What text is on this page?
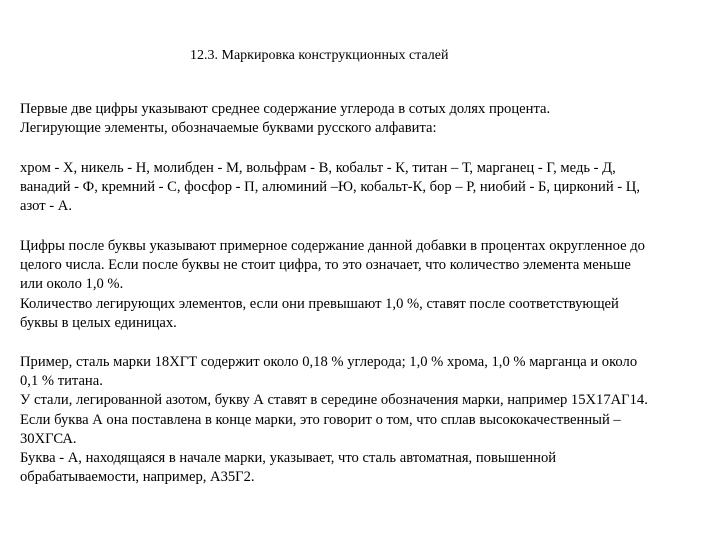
12.3. Маркировка конструкционных сталей

Первые две цифры указывают среднее содержание углерода в сотых долях процента.
Легирующие элементы, обозначаемые буквами русского алфавита:

хром - Х, никель - Н, молибден - М, вольфрам - В, кобальт - К, титан – Т, марганец - Г, медь - Д,
ванадий - Ф, кремний - С, фосфор - П, алюминий –Ю, кобальт-К, бор – Р, ниобий - Б, цирконий - Ц,
азот - А.

Цифры после буквы указывают примерное содержание данной добавки в процентах округленное до
целого числа. Если после буквы не стоит цифра, то это означает, что количество элемента меньше
или около 1,0 %.
Количество легирующих элементов, если они превышают 1,0 %, ставят после соответствующей
буквы в целых единицах.

Пример, сталь марки 18ХГТ содержит около 0,18 % углерода; 1,0 % хрома, 1,0 % марганца и около
0,1 % титана.
У стали, легированной азотом, букву А ставят в середине обозначения марки, например 15Х17АГ14.
Если буква А она поставлена в конце марки, это говорит о том, что сплав высококачественный –
30ХГСА.
Буква - А, находящаяся в начале марки, указывает, что сталь автоматная, повышенной
обрабатываемости, например, А35Г2.
